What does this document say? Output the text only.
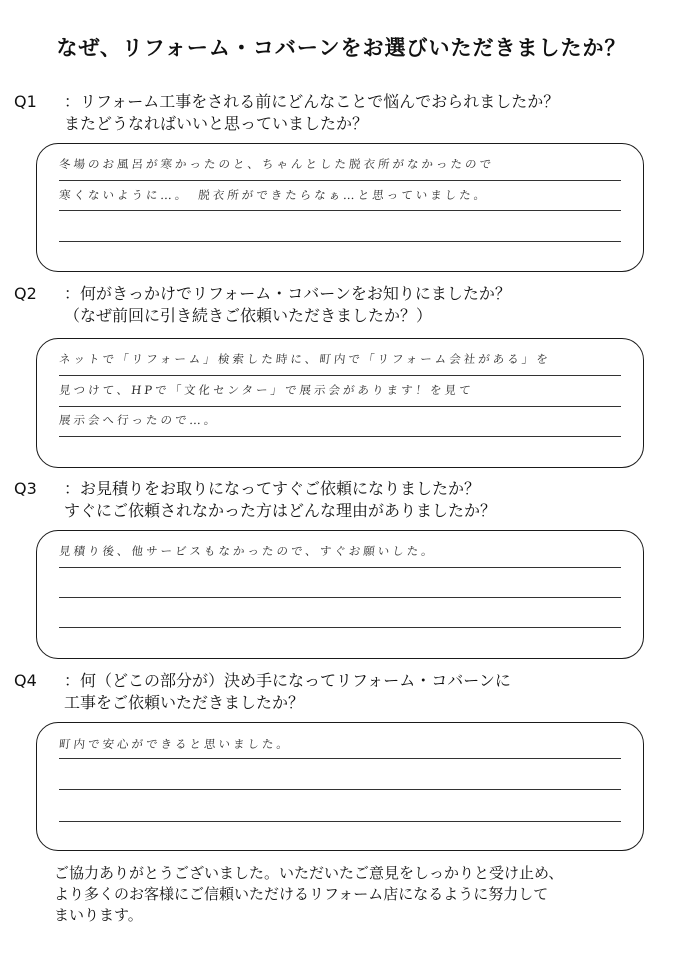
なぜ、リフォーム・コバーンをお選びいただきましたか？
Q1 ：リフォーム工事をされる前にどんなことで悩んでおられましたか？
またどうなればいいと思っていましたか？
冬場のお風呂が寒かったのと、ちゃんとした脱衣所がなかったので
寒くないように…。　脱衣所ができたらなぁ…と思っていました。
Q2 ：何がきっかけでリフォーム・コバーンをお知りにましたか？
（なぜ前回に引き続きご依頼いただきましたか？）
ネットで「リフォーム」検索した時に、町内で「リフォーム会社がある」を
見つけて、HPで「文化センター」で展示会があります！を見て
展示会へ行ったので…。
Q3 ：お見積りをお取りになってすぐご依頼になりましたか？
すぐにご依頼されなかった方はどんな理由がありましたか？
見積り後、他サービスもなかったので、すぐお願いした。
Q4 ：何（どこの部分が）決め手になってリフォーム・コバーンに
工事をご依頼いただきましたか？
町内で安心ができると思いました。
ご協力ありがとうございました。いただいたご意見をしっかりと受け止め、
より多くのお客様にご信頼いただけるリフォーム店になるように努力して
まいります。
